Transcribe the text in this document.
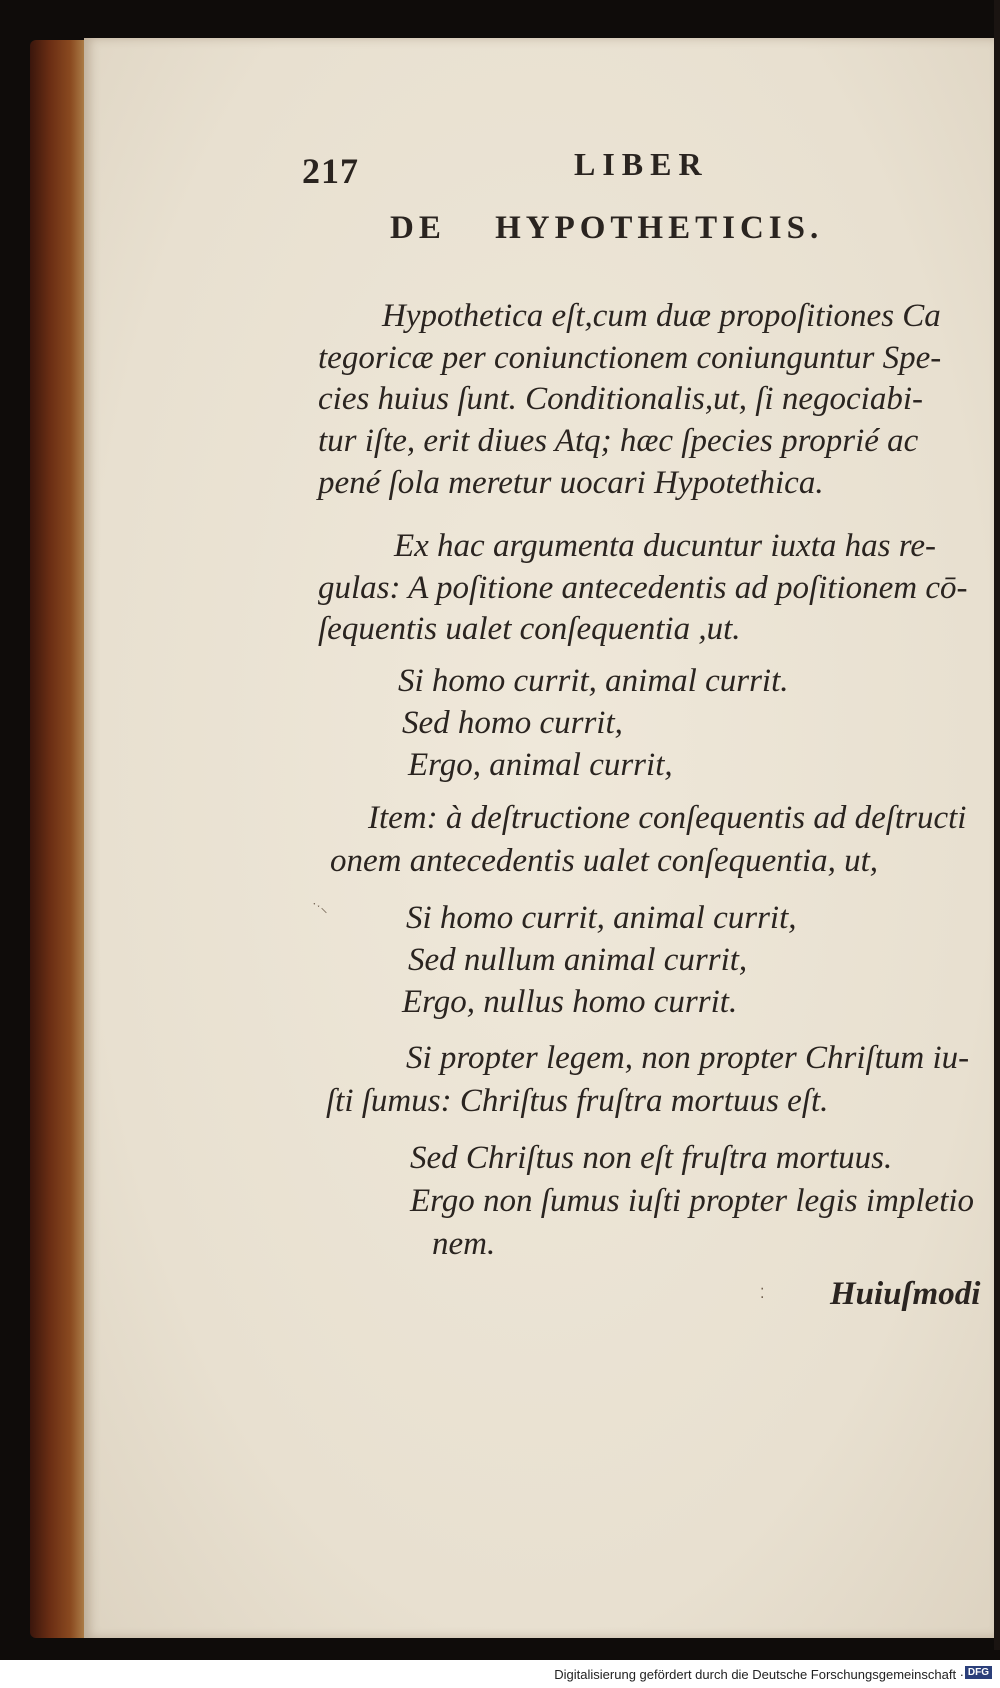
217	LIBER
DE HYPOTHETICIS.
Hypothetica eſt,cum duæ propoſitiones Ca
tegoricæ per coniunctionem coniunguntur Spe-
cies huius ſunt. Conditionalis,ut, ſi negociabi-
tur iſte, erit diues Atq; hæc ſpecies proprié ac
pené ſola meretur uocari Hypotethica.
Ex hac argumenta ducuntur iuxta has re-
gulas: A poſitione antecedentis ad poſitionem cō-
ſequentis ualet conſequentia ,ut.
Si homo currit, animal currit.
Sed homo currit,
Ergo, animal currit,
Item: à deſtructione conſequentis ad deſtructi
onem antecedentis ualet conſequentia, ut,
˙ˑ⸜ Si homo currit, animal currit,
Sed nullum animal currit,
Ergo, nullus homo currit.
Si propter legem, non propter Chriſtum iu-
ſti ſumus: Chriſtus fruſtra mortuus eſt.
Sed Chriſtus non eſt fruſtra mortuus.
Ergo non ſumus iuſti propter legis impletio
nem.
⁚ Huiuſmodi
Digitalisierung gefördert durch die Deutsche Forschungsgemeinschaft · DFG
